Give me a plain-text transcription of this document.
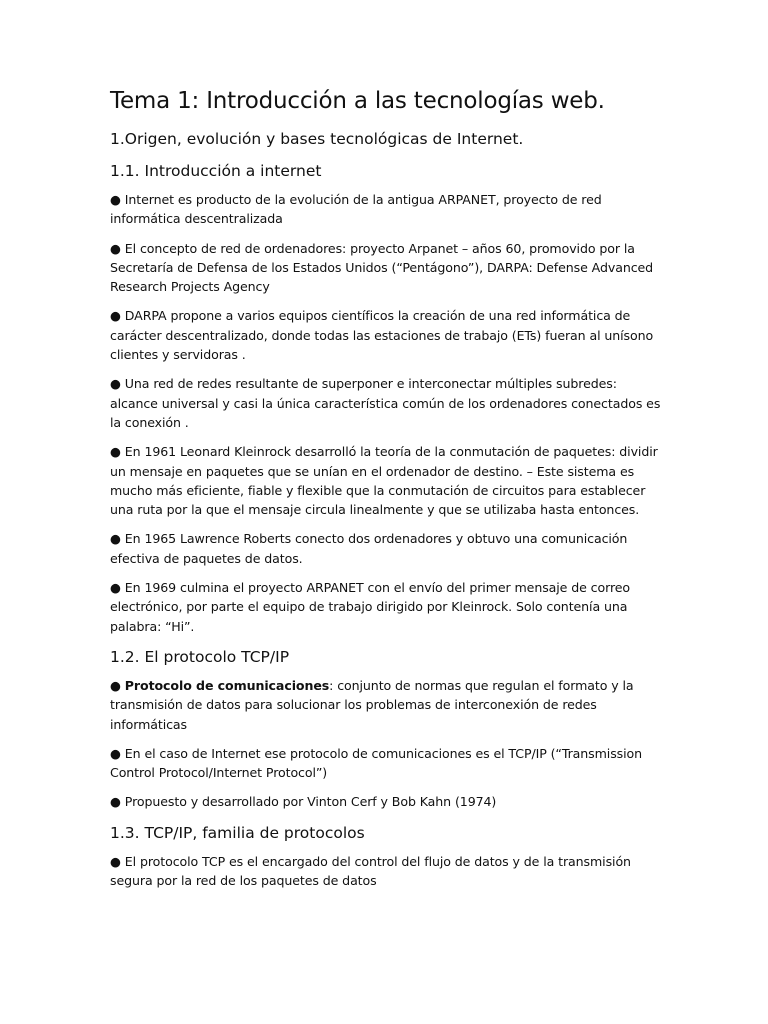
Tema 1: Introducción a las tecnologías web.
1.Origen, evolución y bases tecnológicas de Internet.
1.1. Introducción a internet

● Internet es producto de la evolución de la antigua ARPANET, proyecto de red informática descentralizada

● El concepto de red de ordenadores: proyecto Arpanet – años 60, promovido por la Secretaría de Defensa de los Estados Unidos (“Pentágono”), DARPA: Defense Advanced Research Projects Agency

● DARPA propone a varios equipos científicos la creación de una red informática de carácter descentralizado, donde todas las estaciones de trabajo (ETs) fueran al unísono clientes y servidoras .

● Una red de redes resultante de superponer e interconectar múltiples subredes: alcance universal y casi la única característica común de los ordenadores conectados es la conexión .

● En 1961 Leonard Kleinrock desarrolló la teoría de la conmutación de paquetes: dividir un mensaje en paquetes que se unían en el ordenador de destino. – Este sistema es mucho más eficiente, fiable y flexible que la conmutación de circuitos para establecer una ruta por la que el mensaje circula linealmente y que se utilizaba hasta entonces.

● En 1965 Lawrence Roberts conecto dos ordenadores y obtuvo una comunicación efectiva de paquetes de datos.

● En 1969 culmina el proyecto ARPANET con el envío del primer mensaje de correo electrónico, por parte el equipo de trabajo dirigido por Kleinrock. Solo contenía una palabra: “Hi”.

1.2. El protocolo TCP/IP

● Protocolo de comunicaciones: conjunto de normas que regulan el formato y la transmisión de datos para solucionar los problemas de interconexión de redes informáticas

● En el caso de Internet ese protocolo de comunicaciones es el TCP/IP (“Transmission Control Protocol/Internet Protocol”)

● Propuesto y desarrollado por Vinton Cerf y Bob Kahn (1974)

1.3. TCP/IP, familia de protocolos

● El protocolo TCP es el encargado del control del flujo de datos y de la transmisión segura por la red de los paquetes de datos
